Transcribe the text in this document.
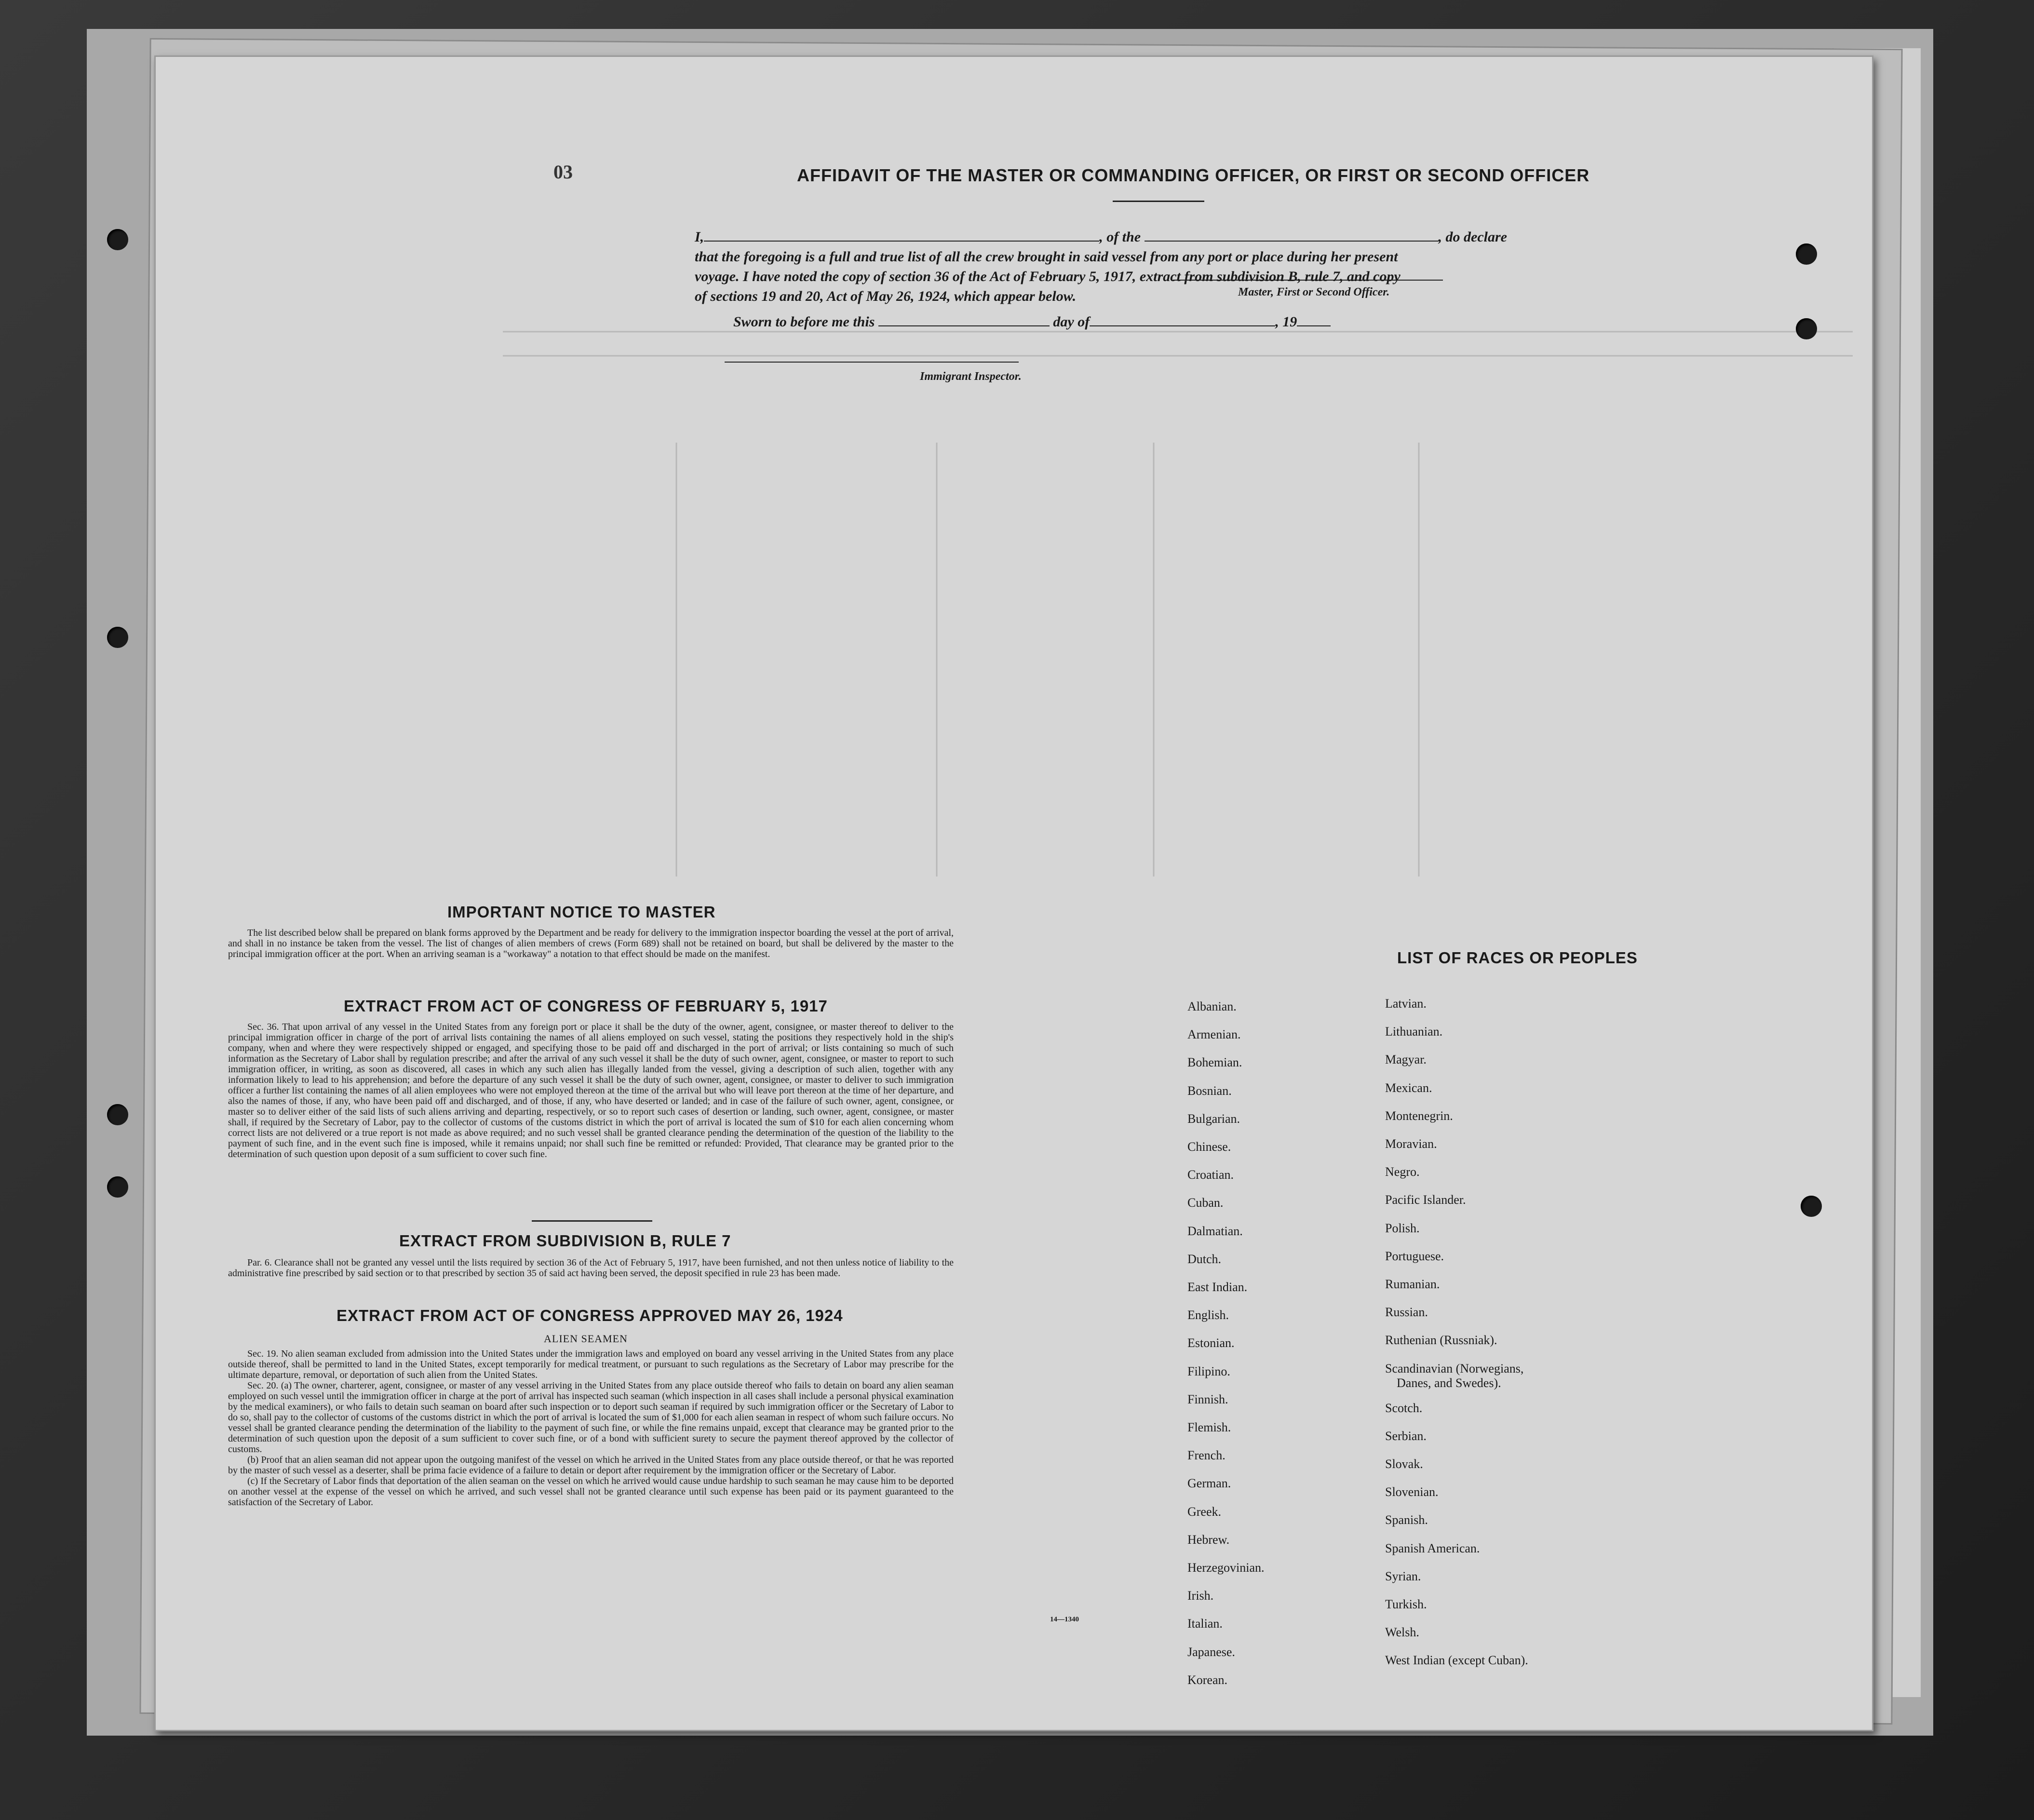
03	AFFIDAVIT OF THE MASTER OR COMMANDING OFFICER, OR FIRST OR SECOND OFFICER
I,	, of the	, do declare
that the foregoing is a full and true list of all the crew brought in said vessel from any port or place during her present
voyage. I have noted the copy of section 36 of the Act of February 5, 1917, extract from subdivision B, rule 7, and copy
of sections 19 and 20, Act of May 26, 1924, which appear below.	Master, First or Second Officer.
Sworn to before me this	day of	, 19
Immigrant Inspector.
IMPORTANT NOTICE TO MASTER

The list described below shall be prepared on blank forms approved by the Department and be ready for delivery to the immigration inspector boarding the vessel at the port of arrival, and shall in no instance be taken from the vessel. The list of changes of alien members of crews (Form 689) shall not be retained on board, but shall be delivered by the master to the principal immigration officer at the port. When an arriving seaman is a "workaway" a notation to that effect should be made on the manifest.

EXTRACT FROM ACT OF CONGRESS OF FEBRUARY 5, 1917

Sec. 36. That upon arrival of any vessel in the United States from any foreign port or place it shall be the duty of the owner, agent, consignee, or master thereof to deliver to the principal immigration officer in charge of the port of arrival lists containing the names of all aliens employed on such vessel, stating the positions they respectively hold in the ship's company, when and where they were respectively shipped or engaged, and specifying those to be paid off and discharged in the port of arrival; or lists containing so much of such information as the Secretary of Labor shall by regulation prescribe; and after the arrival of any such vessel it shall be the duty of such owner, agent, consignee, or master to report to such immigration officer, in writing, as soon as discovered, all cases in which any such alien has illegally landed from the vessel, giving a description of such alien, together with any information likely to lead to his apprehension; and before the departure of any such vessel it shall be the duty of such owner, agent, consignee, or master to deliver to such immigration officer a further list containing the names of all alien employees who were not employed thereon at the time of the arrival but who will leave port thereon at the time of her departure, and also the names of those, if any, who have been paid off and discharged, and of those, if any, who have deserted or landed; and in case of the failure of such owner, agent, consignee, or master so to deliver either of the said lists of such aliens arriving and departing, respectively, or so to report such cases of desertion or landing, such owner, agent, consignee, or master shall, if required by the Secretary of Labor, pay to the collector of customs of the customs district in which the port of arrival is located the sum of $10 for each alien concerning whom correct lists are not delivered or a true report is not made as above required; and no such vessel shall be granted clearance pending the determination of the question of the liability to the payment of such fine, and in the event such fine is imposed, while it remains unpaid; nor shall such fine be remitted or refunded: Provided, That clearance may be granted prior to the determination of such question upon deposit of a sum sufficient to cover such fine.

EXTRACT FROM SUBDIVISION B, RULE 7

Par. 6. Clearance shall not be granted any vessel until the lists required by section 36 of the Act of February 5, 1917, have been furnished, and not then unless notice of liability to the administrative fine prescribed by said section or to that prescribed by section 35 of said act having been served, the deposit specified in rule 23 has been made.

EXTRACT FROM ACT OF CONGRESS APPROVED MAY 26, 1924
ALIEN SEAMEN

Sec. 19. No alien seaman excluded from admission into the United States under the immigration laws and employed on board any vessel arriving in the United States from any place outside thereof, shall be permitted to land in the United States, except temporarily for medical treatment, or pursuant to such regulations as the Secretary of Labor may prescribe for the ultimate departure, removal, or deportation of such alien from the United States.

Sec. 20. (a) The owner, charterer, agent, consignee, or master of any vessel arriving in the United States from any place outside thereof who fails to detain on board any alien seaman employed on such vessel until the immigration officer in charge at the port of arrival has inspected such seaman (which inspection in all cases shall include a personal physical examination by the medical examiners), or who fails to detain such seaman on board after such inspection or to deport such seaman if required by such immigration officer or the Secretary of Labor to do so, shall pay to the collector of customs of the customs district in which the port of arrival is located the sum of $1,000 for each alien seaman in respect of whom such failure occurs. No vessel shall be granted clearance pending the determination of the liability to the payment of such fine, or while the fine remains unpaid, except that clearance may be granted prior to the determination of such question upon the deposit of a sum sufficient to cover such fine, or of a bond with sufficient surety to secure the payment thereof approved by the collector of customs.

(b) Proof that an alien seaman did not appear upon the outgoing manifest of the vessel on which he arrived in the United States from any place outside thereof, or that he was reported by the master of such vessel as a deserter, shall be prima facie evidence of a failure to detain or deport after requirement by the immigration officer or the Secretary of Labor.

(c) If the Secretary of Labor finds that deportation of the alien seaman on the vessel on which he arrived would cause undue hardship to such seaman he may cause him to be deported on another vessel at the expense of the vessel on which he arrived, and such vessel shall not be granted clearance until such expense has been paid or its payment guaranteed to the satisfaction of the Secretary of Labor.

14—1340
LIST OF RACES OR PEOPLES
Albanian.
Armenian.
Bohemian.
Bosnian.
Bulgarian.
Chinese.
Croatian.
Cuban.
Dalmatian.
Dutch.
East Indian.
English.
Estonian.
Filipino.
Finnish.
Flemish.
French.
German.
Greek.
Hebrew.
Herzegovinian.
Irish.
Italian.
Japanese.
Korean.
Latvian.
Lithuanian.
Magyar.
Mexican.
Montenegrin.
Moravian.
Negro.
Pacific Islander.
Polish.
Portuguese.
Rumanian.
Russian.
Ruthenian (Russniak).
Scandinavian (Norwegians,
Danes, and Swedes).
Scotch.
Serbian.
Slovak.
Slovenian.
Spanish.
Spanish American.
Syrian.
Turkish.
Welsh.
West Indian (except Cuban).
